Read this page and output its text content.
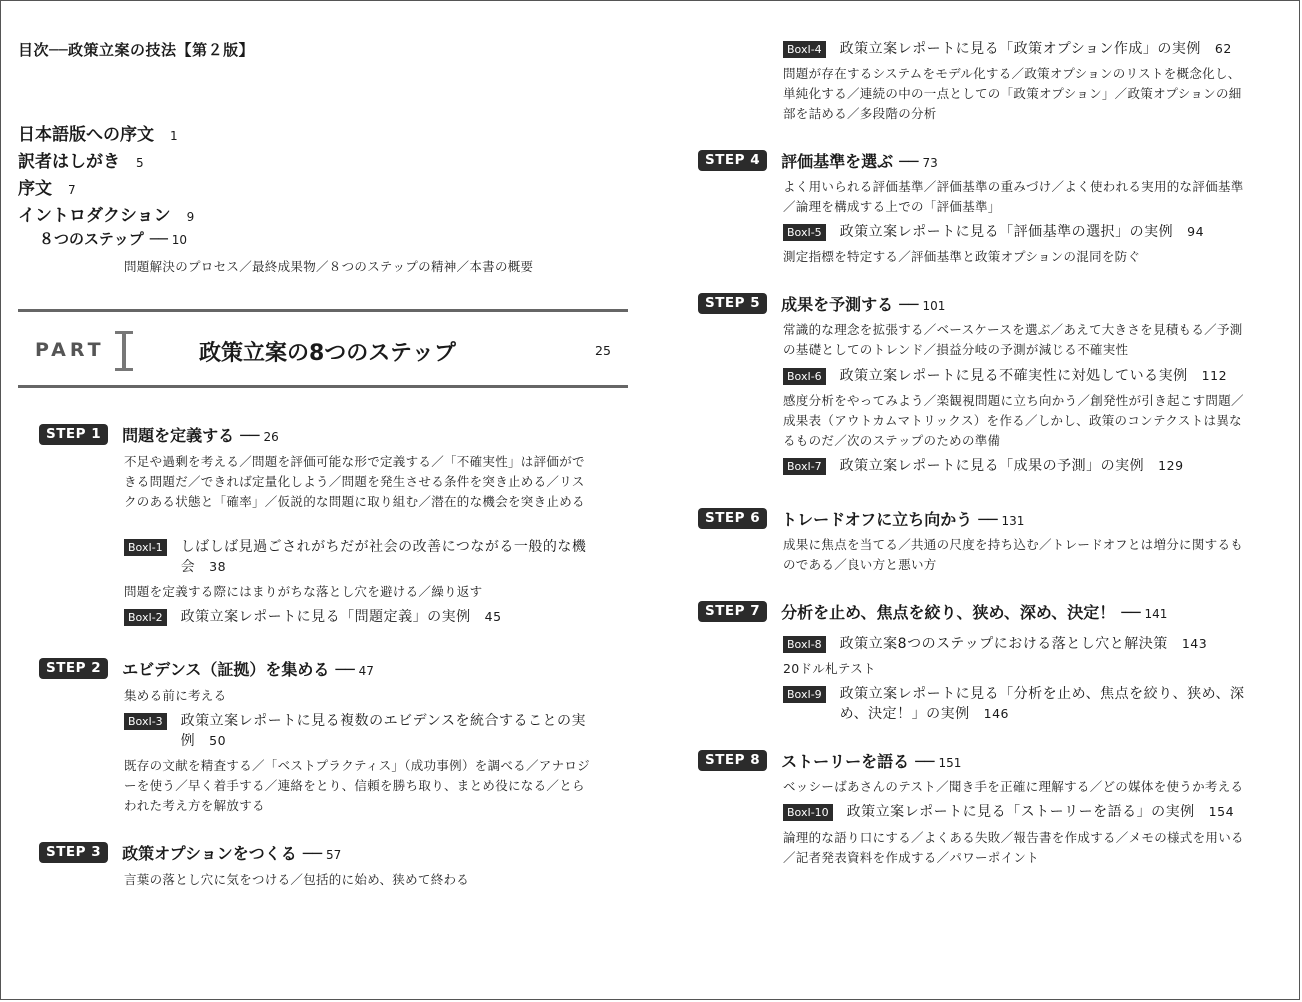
目次──政策立案の技法【第２版】
日本語版への序文 1
訳者はしがき 5
序文 7
イントロダクション 9
８つのステップ ── 10
問題解決のプロセス／最終成果物／８つのステップの精神／本書の概要
PART	政策立案の8つのステップ	25
STEP 1	問題を定義する ── 26
不足や過剰を考える／問題を評価可能な形で定義する／「不確実性」は評価ができる問題だ／できれば定量化しよう／問題を発生させる条件を突き止める／リスクのある状態と「確率」／仮説的な問題に取り組む／潜在的な機会を突き止める
BoxⅠ-1 しばしば見過ごされがちだが社会の改善につながる一般的な機会 38
問題を定義する際にはまりがちな落とし穴を避ける／繰り返す
BoxⅠ-2 政策立案レポートに見る「問題定義」の実例 45
STEP 2	エビデンス（証拠）を集める ── 47
集める前に考える
BoxⅠ-3 政策立案レポートに見る複数のエビデンスを統合することの実例 50
既存の文献を精査する／「ベストプラクティス」（成功事例）を調べる／アナロジーを使う／早く着手する／連絡をとり、信頼を勝ち取り、まとめ役になる／とらわれた考え方を解放する
STEP 3	政策オプションをつくる ── 57
言葉の落とし穴に気をつける／包括的に始め、狭めて終わる
BoxⅠ-4 政策立案レポートに見る「政策オプション作成」の実例 62
問題が存在するシステムをモデル化する／政策オプションのリストを概念化し、単純化する／連続の中の一点としての「政策オプション」／政策オプションの細部を詰める／多段階の分析
STEP 4	評価基準を選ぶ ── 73
よく用いられる評価基準／評価基準の重みづけ／よく使われる実用的な評価基準／論理を構成する上での「評価基準」
BoxⅠ-5 政策立案レポートに見る「評価基準の選択」の実例 94
測定指標を特定する／評価基準と政策オプションの混同を防ぐ
STEP 5	成果を予測する ── 101
常識的な理念を拡張する／ベースケースを選ぶ／あえて大きさを見積もる／予測の基礎としてのトレンド／損益分岐の予測が減じる不確実性
BoxⅠ-6 政策立案レポートに見る不確実性に対処している実例 112
感度分析をやってみよう／楽観視問題に立ち向かう／創発性が引き起こす問題／成果表（アウトカムマトリックス）を作る／しかし、政策のコンテクストは異なるものだ／次のステップのための準備
BoxⅠ-7 政策立案レポートに見る「成果の予測」の実例 129
STEP 6	トレードオフに立ち向かう ── 131
成果に焦点を当てる／共通の尺度を持ち込む／トレードオフとは増分に関するものである／良い方と悪い方
STEP 7	分析を止め、焦点を絞り、狭め、深め、決定！ ── 141
BoxⅠ-8 政策立案8つのステップにおける落とし穴と解決策 143
20ドル札テスト
BoxⅠ-9 政策立案レポートに見る「分析を止め、焦点を絞り、狭め、深め、決定！」の実例 146
STEP 8	ストーリーを語る ── 151
ベッシーばあさんのテスト／聞き手を正確に理解する／どの媒体を使うか考える
BoxⅠ-10 政策立案レポートに見る「ストーリーを語る」の実例 154
論理的な語り口にする／よくある失敗／報告書を作成する／メモの様式を用いる／記者発表資料を作成する／パワーポイント
